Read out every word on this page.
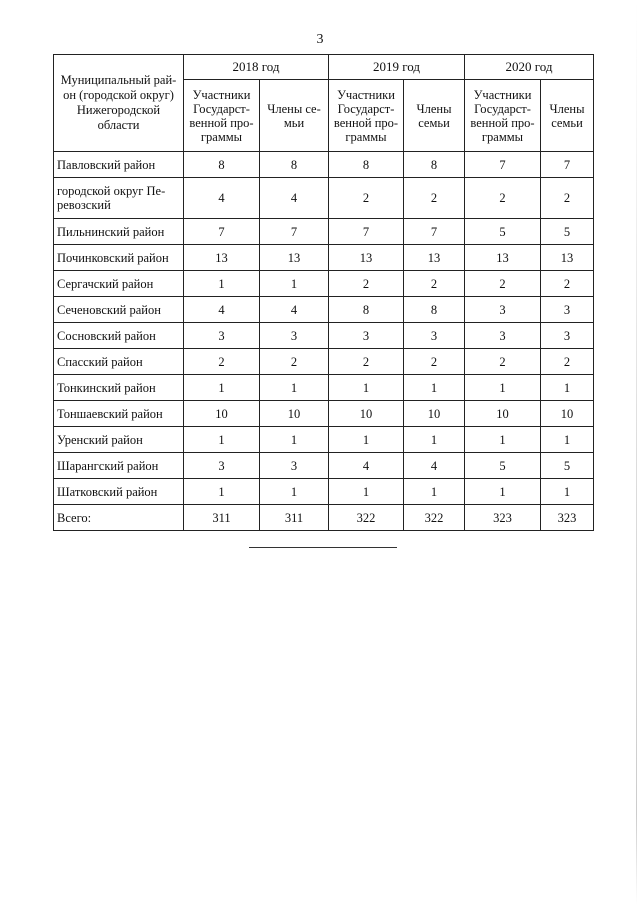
3
Муниципальный рай- он (городской округ) Нижегородской области	2018 год		2019 год		2020 год	
	Участники Государст- венной про- граммы	Члены се- мьи	Участники Государст- венной про- граммы	Члены семьи	Участники Государст- венной про- граммы	Члены семьи
Павловский район	8	8	8	8	7	7
городской округ Пе- ревозский	4	4	2	2	2	2
Пильнинский район	7	7	7	7	5	5
Починковский район	13	13	13	13	13	13
Сергачский район	1	1	2	2	2	2
Сеченовский район	4	4	8	8	3	3
Сосновский район	3	3	3	3	3	3
Спасский район	2	2	2	2	2	2
Тонкинский район	1	1	1	1	1	1
Тоншаевский район	10	10	10	10	10	10
Уренский район	1	1	1	1	1	1
Шарангский район	3	3	4	4	5	5
Шатковский район	1	1	1	1	1	1
Всего:	311	311	322	322	323	323
